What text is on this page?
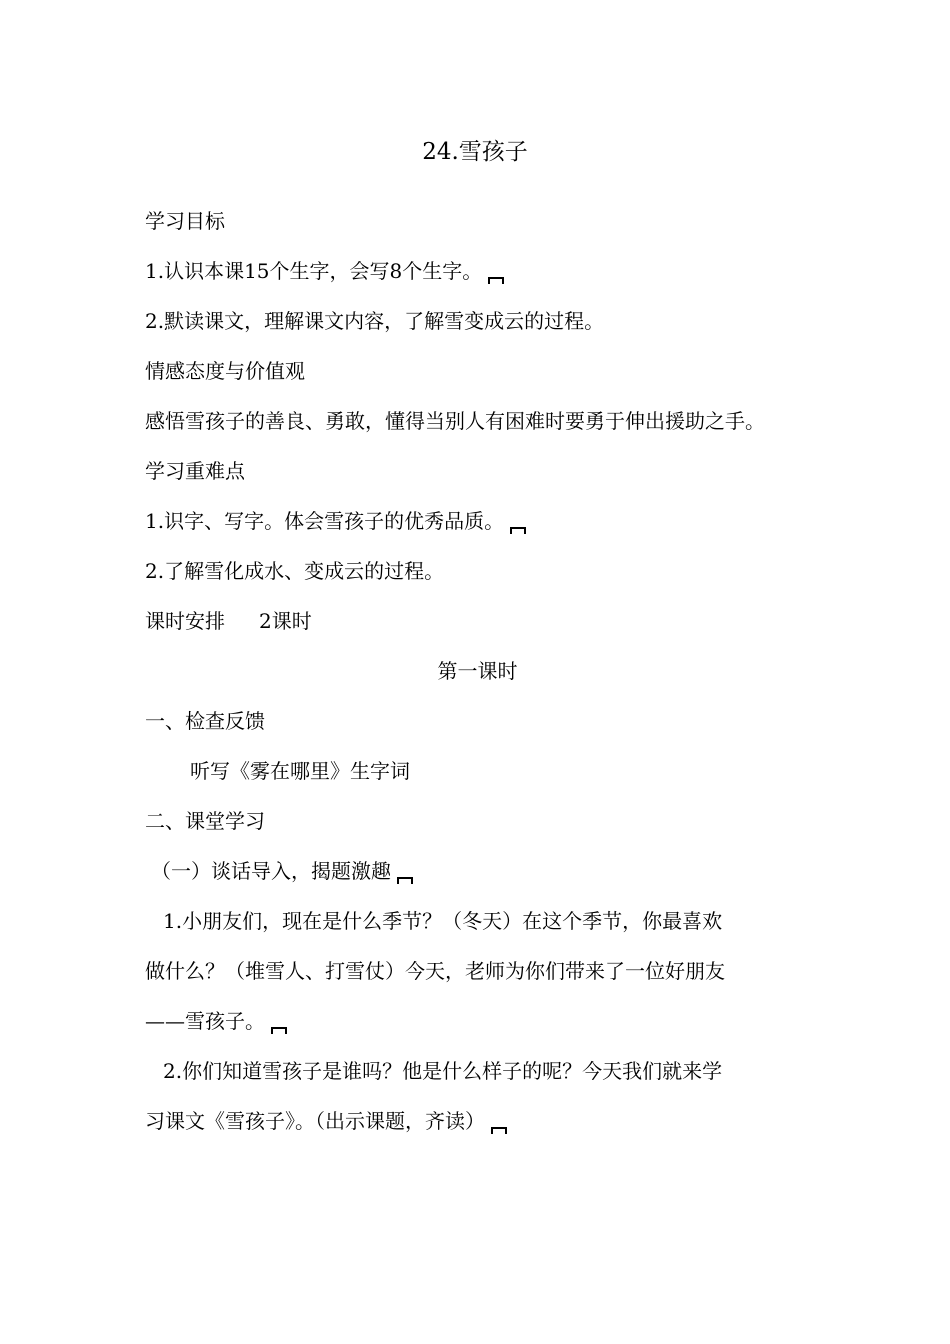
24.雪孩子

学习目标

1.认识本课15个生字，会写8个生字。

2.默读课文，理解课文内容，了解雪变成云的过程。

情感态度与价值观

感悟雪孩子的善良、勇敢，懂得当别人有困难时要勇于伸出援助之手。

学习重难点

1.识字、写字。体会雪孩子的优秀品质。

2.了解雪化成水、变成云的过程。

课时安排 2课时

第一课时

一、检查反馈

听写《雾在哪里》生字词

二、课堂学习

（一）谈话导入，揭题激趣

1.小朋友们，现在是什么季节？（冬天）在这个季节，你最喜欢

做什么？（堆雪人、打雪仗）今天，老师为你们带来了一位好朋友

——雪孩子。

2.你们知道雪孩子是谁吗？他是什么样子的呢？今天我们就来学

习课文《雪孩子》。（出示课题，齐读）
